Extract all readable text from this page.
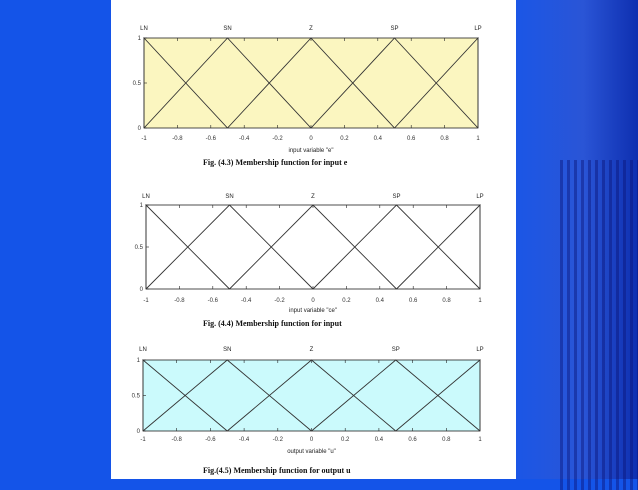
-1	-0.8	-0.6	-0.4	-0.2	0	0.2	0.4	0.6	0.8	1
0
0.5
1
LN	SN	Z	SP	LP
input variable "e"
Fig. (4.3) Membership function for input e
-1	-0.8	-0.6	-0.4	-0.2	0	0.2	0.4	0.6	0.8	1
0
0.5
1
LN	SN	Z	SP	LP
input variable "ce"
Fig. (4.4) Membership function for input
-1	-0.8	-0.6	-0.4	-0.2	0	0.2	0.4	0.6	0.8	1
0
0.5
1
LN	SN	Z	SP	LP
output variable "u"
Fig.(4.5) Membership function for output u
